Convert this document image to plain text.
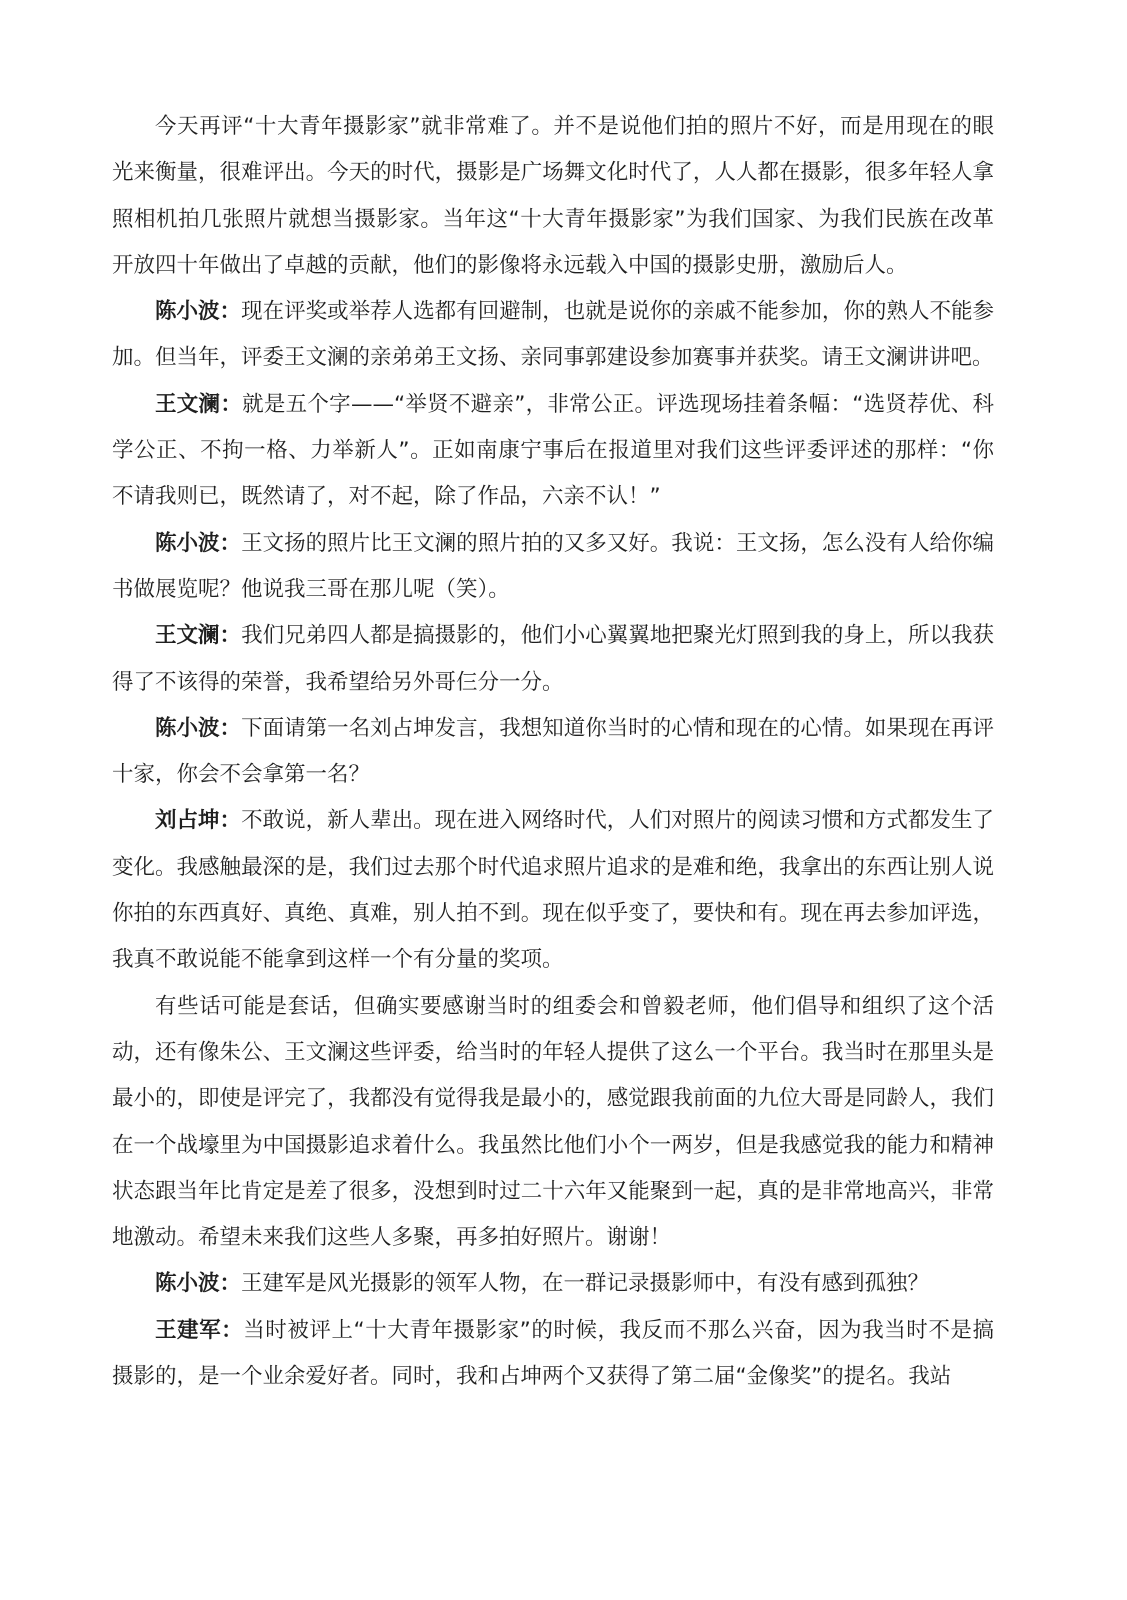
今天再评“十大青年摄影家”就非常难了。并不是说他们拍的照片不好，而是用现在的眼光来衡量，很难评出。今天的时代，摄影是广场舞文化时代了，人人都在摄影，很多年轻人拿照相机拍几张照片就想当摄影家。当年这“十大青年摄影家”为我们国家、为我们民族在改革开放四十年做出了卓越的贡献，他们的影像将永远载入中国的摄影史册，激励后人。

陈小波：现在评奖或举荐人选都有回避制，也就是说你的亲戚不能参加，你的熟人不能参加。但当年，评委王文澜的亲弟弟王文扬、亲同事郭建设参加赛事并获奖。请王文澜讲讲吧。

王文澜：就是五个字——“举贤不避亲”，非常公正。评选现场挂着条幅：“选贤荐优、科学公正、不拘一格、力举新人”。正如南康宁事后在报道里对我们这些评委评述的那样：“你不请我则已，既然请了，对不起，除了作品，六亲不认！”

陈小波：王文扬的照片比王文澜的照片拍的又多又好。我说：王文扬，怎么没有人给你编书做展览呢？他说我三哥在那儿呢（笑）。

王文澜：我们兄弟四人都是搞摄影的，他们小心翼翼地把聚光灯照到我的身上，所以我获得了不该得的荣誉，我希望给另外哥仨分一分。

陈小波：下面请第一名刘占坤发言，我想知道你当时的心情和现在的心情。如果现在再评十家，你会不会拿第一名？

刘占坤：不敢说，新人辈出。现在进入网络时代，人们对照片的阅读习惯和方式都发生了变化。我感触最深的是，我们过去那个时代追求照片追求的是难和绝，我拿出的东西让别人说你拍的东西真好、真绝、真难，别人拍不到。现在似乎变了，要快和有。现在再去参加评选，我真不敢说能不能拿到这样一个有分量的奖项。

有些话可能是套话，但确实要感谢当时的组委会和曾毅老师，他们倡导和组织了这个活动，还有像朱公、王文澜这些评委，给当时的年轻人提供了这么一个平台。我当时在那里头是最小的，即使是评完了，我都没有觉得我是最小的，感觉跟我前面的九位大哥是同龄人，我们在一个战壕里为中国摄影追求着什么。我虽然比他们小个一两岁，但是我感觉我的能力和精神状态跟当年比肯定是差了很多，没想到时过二十六年又能聚到一起，真的是非常地高兴，非常地激动。希望未来我们这些人多聚，再多拍好照片。谢谢！

陈小波：王建军是风光摄影的领军人物，在一群记录摄影师中，有没有感到孤独？

王建军：当时被评上“十大青年摄影家”的时候，我反而不那么兴奋，因为我当时不是搞摄影的，是一个业余爱好者。同时，我和占坤两个又获得了第二届“金像奖”的提名。我站
